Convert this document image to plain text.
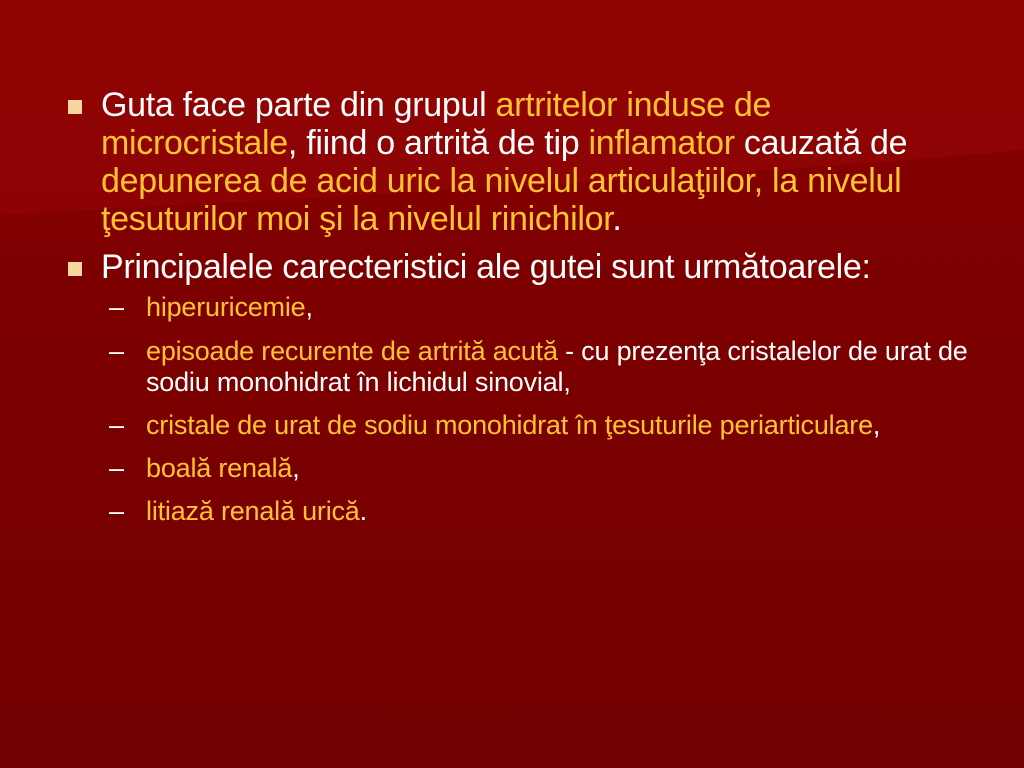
Guta face parte din grupul artritelor induse de microcristale, fiind o artrită de tip inflamator cauzată de depunerea de acid uric la nivelul articulaţiilor, la nivelul ţesuturilor moi şi la nivelul rinichilor.
Principalele carecteristici ale gutei sunt următoarele:
– hiperuricemie,
– episoade recurente de artrită acută - cu prezenţa cristalelor de urat de sodiu monohidrat în lichidul sinovial,
– cristale de urat de sodiu monohidrat în ţesuturile periarticulare,
– boală renală,
– litiază renală urică.
